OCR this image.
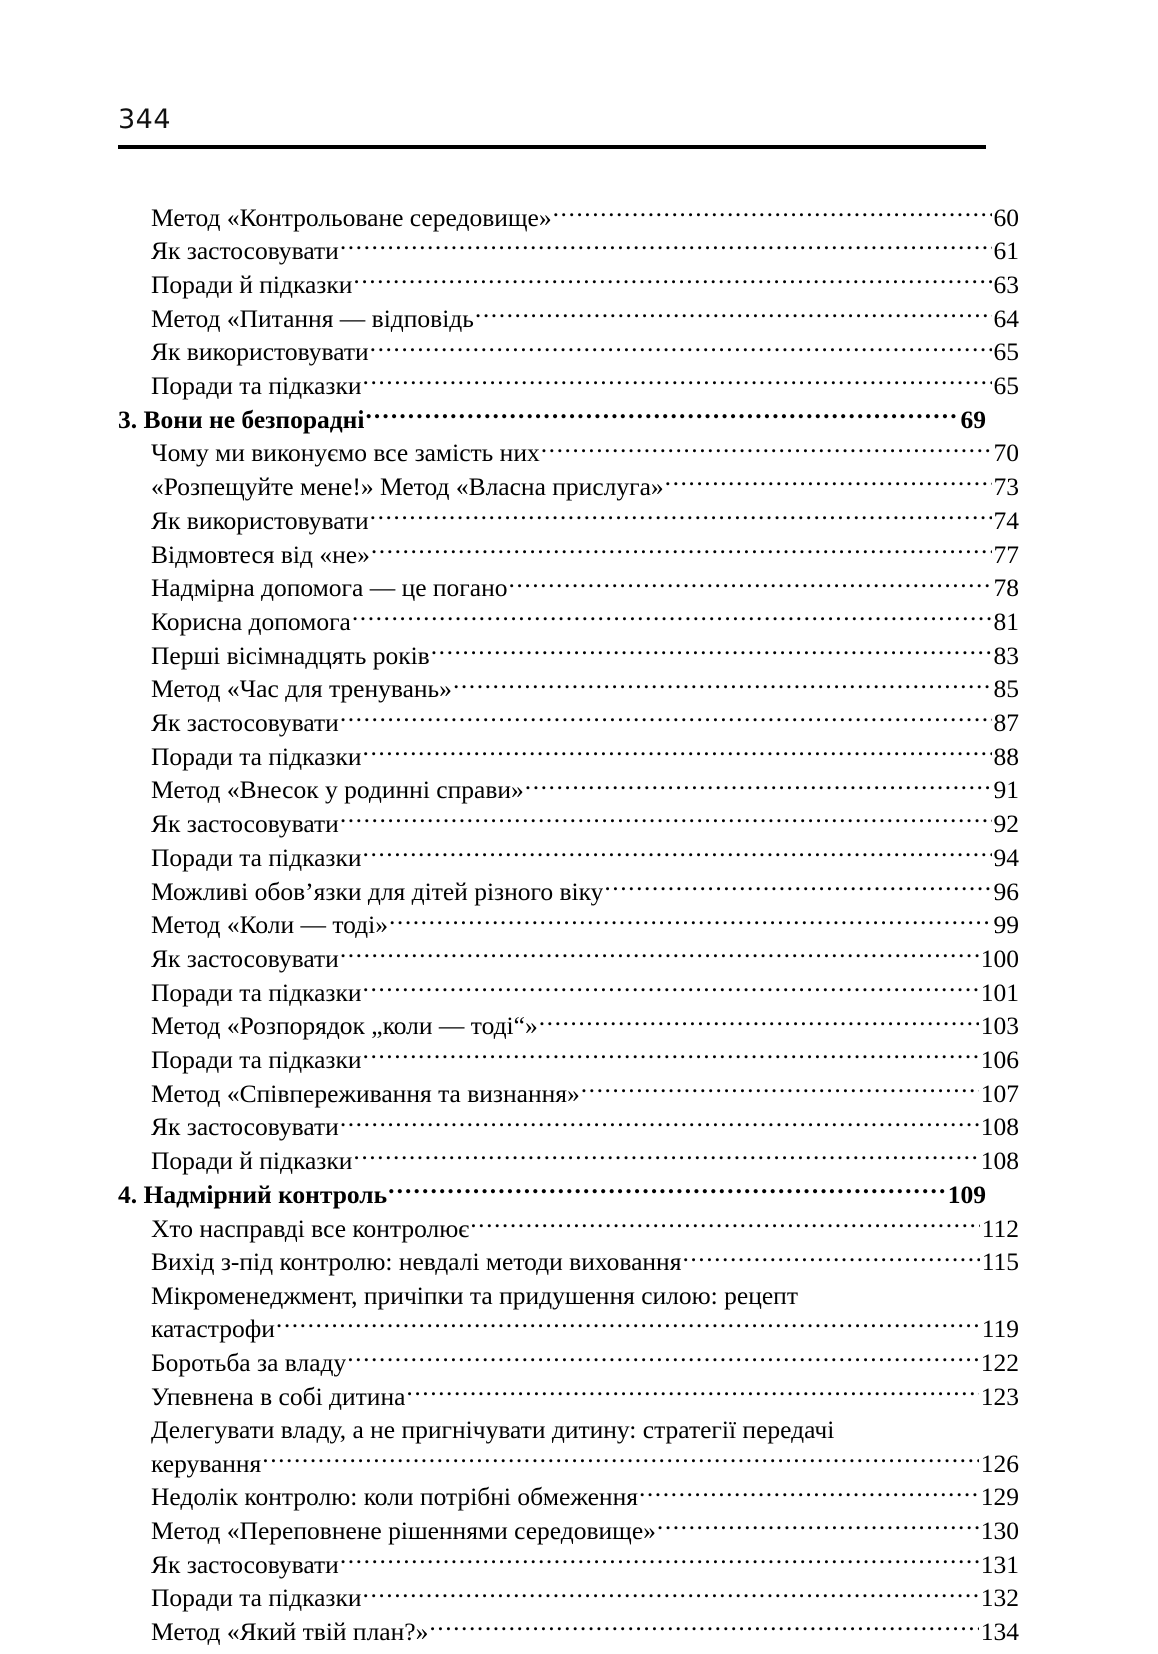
344
Метод «Контрольоване середовище» .....	60
Як застосовувати .....	61
Поради й підказки .....	63
Метод «Питання — відповідь .....	64
Як використовувати .....	65
Поради та підказки .....	65
3. Вони не безпорадні .....	69
Чому ми виконуємо все замість них .....	70
«Розпещуйте мене!» Метод «Власна прислуга» .....	73
Як використовувати .....	74
Відмовтеся від «не» .....	77
Надмірна допомога — це погано .....	78
Корисна допомога .....	81
Перші вісімнадцять років .....	83
Метод «Час для тренувань» .....	85
Як застосовувати .....	87
Поради та підказки .....	88
Метод «Внесок у родинні справи» .....	91
Як застосовувати .....	92
Поради та підказки .....	94
Можливі обов’язки для дітей різного віку .....	96
Метод «Коли — тоді» .....	99
Як застосовувати .....	100
Поради та підказки .....	101
Метод «Розпорядок „коли — тоді“» .....	103
Поради та підказки .....	106
Метод «Співпереживання та визнання» .....	107
Як застосовувати .....	108
Поради й підказки .....	108
4. Надмірний контроль .....	109
Хто насправді все контролює .....	112
Вихід з-під контролю: невдалі методи виховання .....	115
Мікроменеджмент, причіпки та придушення силою: рецепт
катастрофи .....	119
Боротьба за владу .....	122
Упевнена в собі дитина .....	123
Делегувати владу, а не пригнічувати дитину: стратегії передачі
керування .....	126
Недолік контролю: коли потрібні обмеження .....	129
Метод «Переповнене рішеннями середовище» .....	130
Як застосовувати .....	131
Поради та підказки .....	132
Метод «Який твій план?» .....	134
